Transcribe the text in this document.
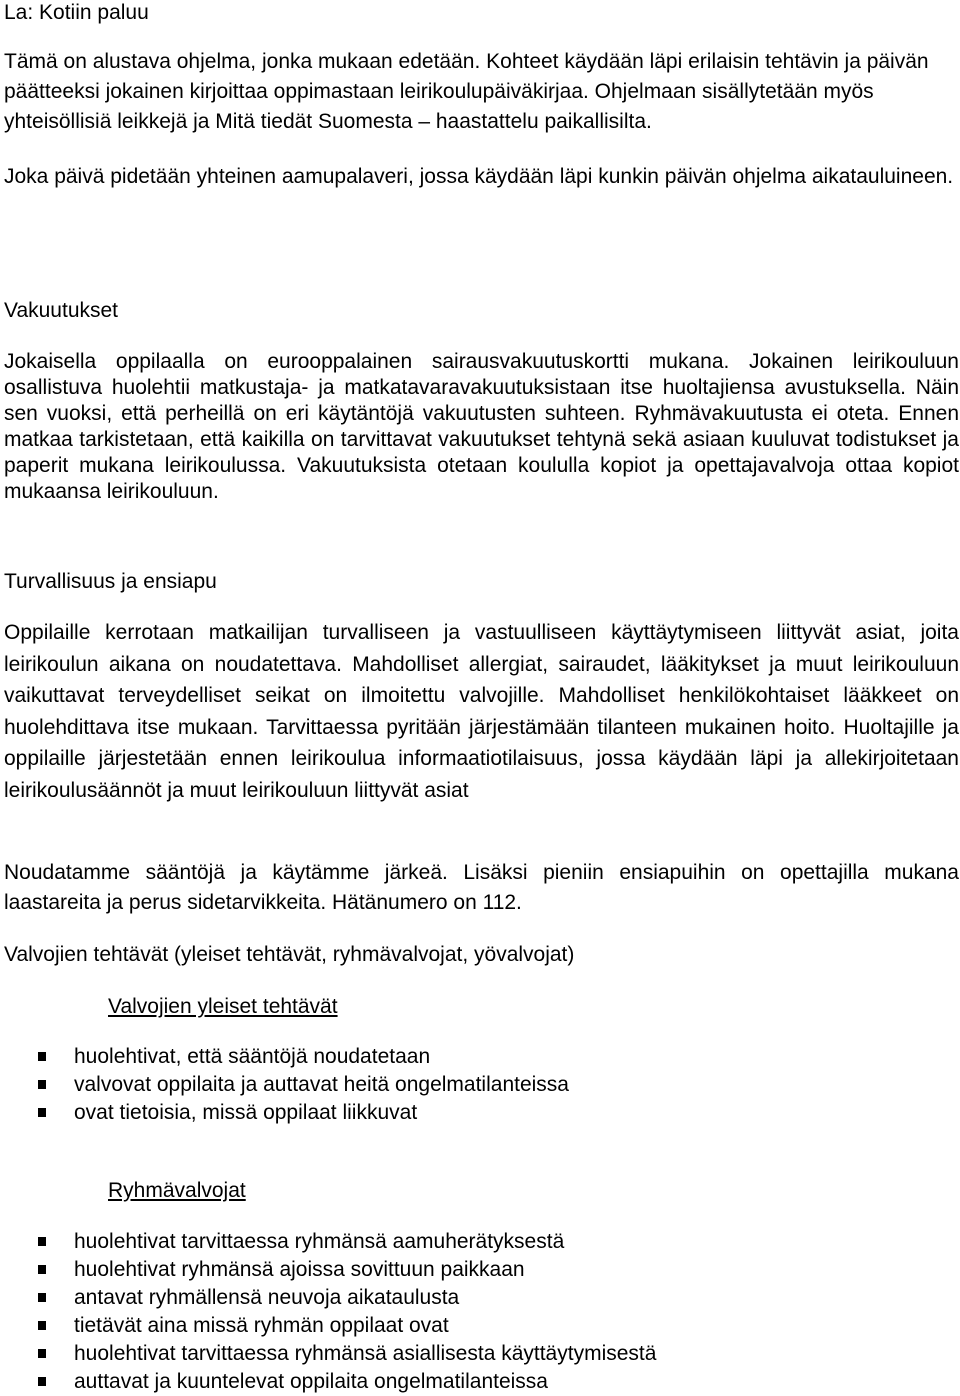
La: Kotiin paluu

Tämä on alustava ohjelma, jonka mukaan edetään. Kohteet käydään läpi erilaisin tehtävin ja päivän päätteeksi jokainen kirjoittaa oppimastaan leirikoulupäiväkirjaa. Ohjelmaan sisällytetään myös yhteisöllisiä leikkejä ja Mitä tiedät Suomesta – haastattelu paikallisilta.

Joka päivä pidetään yhteinen aamupalaveri, jossa käydään läpi kunkin päivän ohjelma aikatauluineen.

Vakuutukset

Jokaisella oppilaalla on eurooppalainen sairausvakuutuskortti mukana. Jokainen leirikouluun osallistuva huolehtii matkustaja- ja matkatavaravakuutuksistaan itse huoltajiensa avustuksella. Näin sen vuoksi, että perheillä on eri käytäntöjä vakuutusten suhteen. Ryhmävakuutusta ei oteta. Ennen matkaa tarkistetaan, että kaikilla on tarvittavat vakuutukset tehtynä sekä asiaan kuuluvat todistukset ja paperit mukana leirikoulussa. Vakuutuksista otetaan koululla kopiot ja opettajavalvoja ottaa kopiot mukaansa leirikouluun.

Turvallisuus ja ensiapu

Oppilaille kerrotaan matkailijan turvalliseen ja vastuulliseen käyttäytymiseen liittyvät asiat, joita leirikoulun aikana on noudatettava. Mahdolliset allergiat, sairaudet, lääkitykset ja muut leirikouluun vaikuttavat terveydelliset seikat on ilmoitettu valvojille. Mahdolliset henkilökohtaiset lääkkeet on huolehdittava itse mukaan. Tarvittaessa pyritään järjestämään tilanteen mukainen hoito. Huoltajille ja oppilaille järjestetään ennen leirikoulua informaatiotilaisuus, jossa käydään läpi ja allekirjoitetaan leirikoulusäännöt ja muut leirikouluun liittyvät asiat

Noudatamme sääntöjä ja käytämme järkeä. Lisäksi pieniin ensiapuihin on opettajilla mukana laastareita ja perus sidetarvikkeita. Hätänumero on 112.

Valvojien tehtävät (yleiset tehtävät, ryhmävalvojat, yövalvojat)

Valvojien yleiset tehtävät

huolehtivat, että sääntöjä noudatetaan
valvovat oppilaita ja auttavat heitä ongelmatilanteissa
ovat tietoisia, missä oppilaat liikkuvat

Ryhmävalvojat

huolehtivat tarvittaessa ryhmänsä aamuherätyksestä
huolehtivat ryhmänsä ajoissa sovittuun paikkaan
antavat ryhmällensä neuvoja aikataulusta
tietävät aina missä ryhmän oppilaat ovat
huolehtivat tarvittaessa ryhmänsä asiallisesta käyttäytymisestä
auttavat ja kuuntelevat oppilaita ongelmatilanteissa
